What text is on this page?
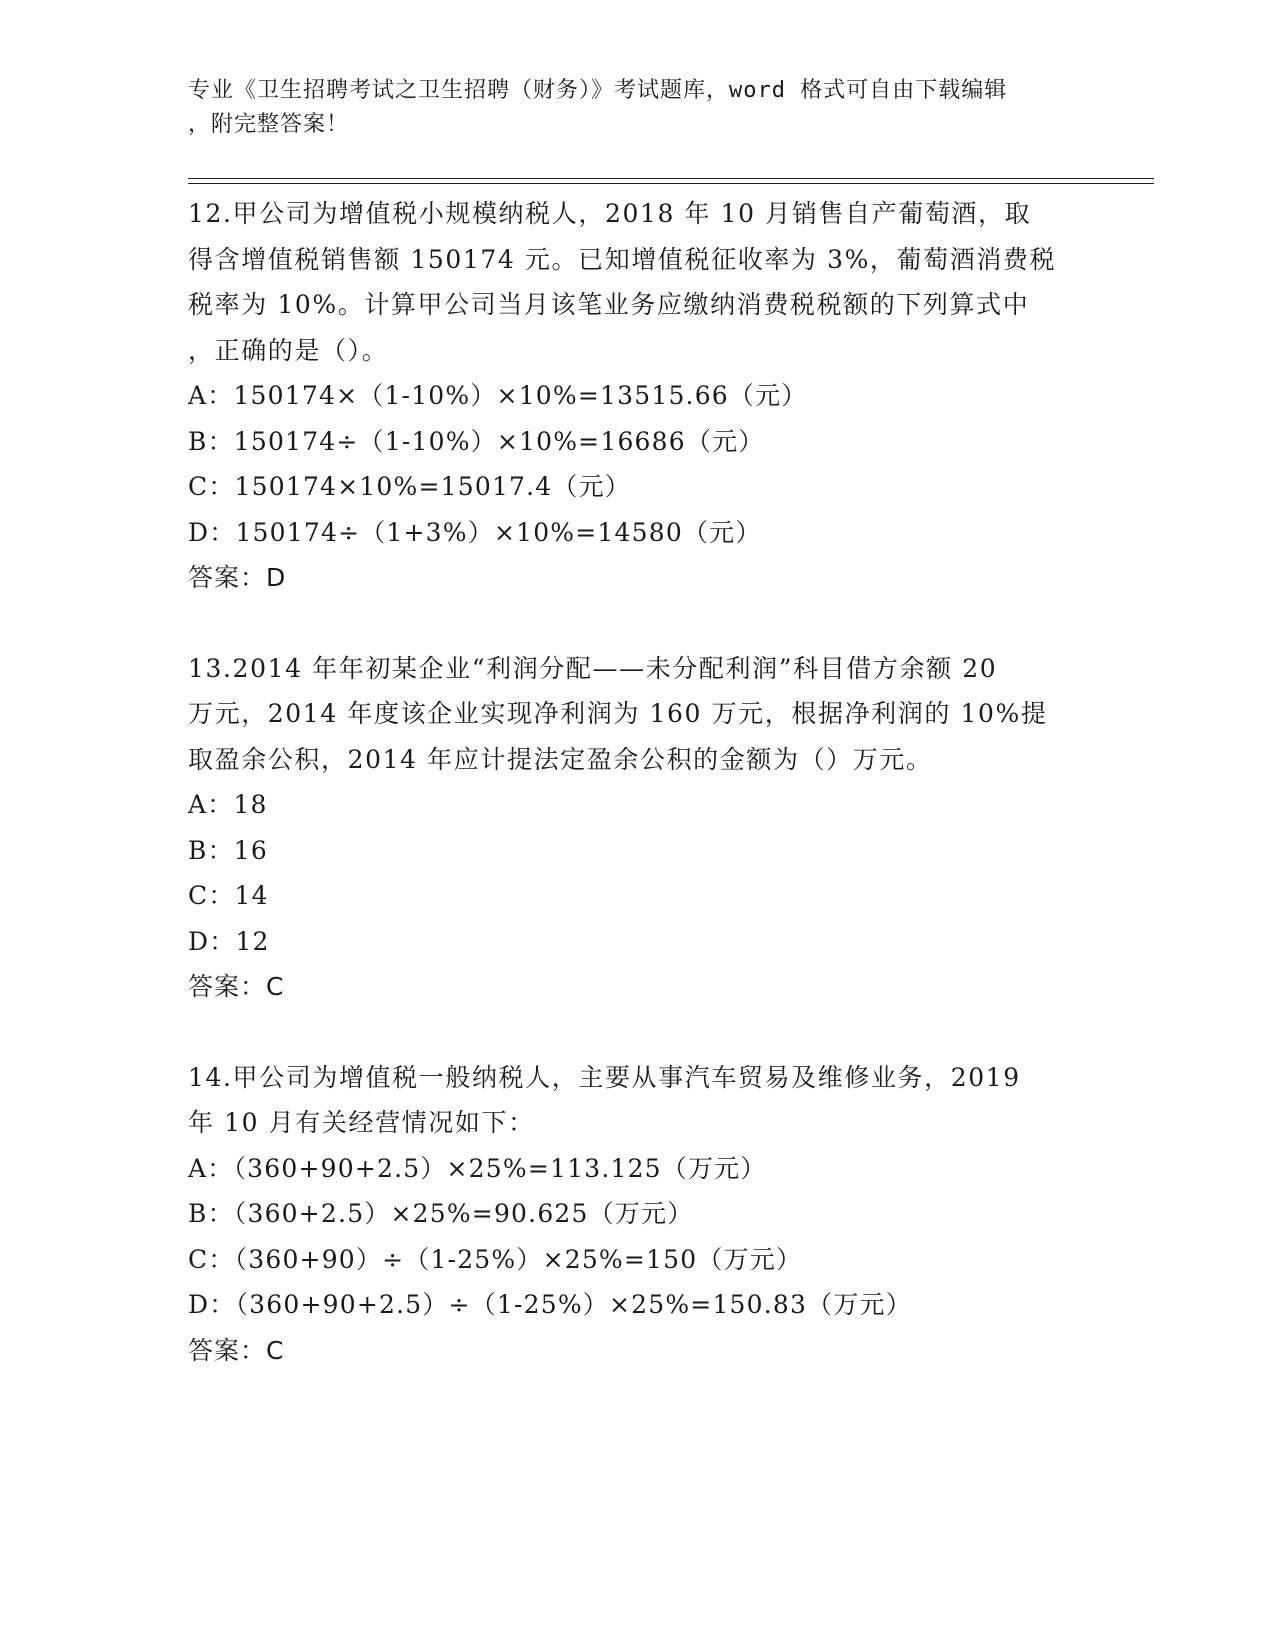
专业《卫生招聘考试之卫生招聘（财务）》考试题库，word 格式可自由下载编辑

，附完整答案！

12.甲公司为增值税小规模纳税人，2018 年 10 月销售自产葡萄酒，取
得含增值税销售额 150174 元。已知增值税征收率为 3%，葡萄酒消费税
税率为 10%。计算甲公司当月该笔业务应缴纳消费税税额的下列算式中
，正确的是（）。

A：150174×（1-10%）×10%=13515.66（元）
B：150174÷（1-10%）×10%=16686（元）
C：150174×10%=15017.4（元）
D：150174÷（1+3%）×10%=14580（元）
答案：D

13.2014 年年初某企业“利润分配——未分配利润”科目借方余额 20
万元，2014 年度该企业实现净利润为 160 万元，根据净利润的 10%提
取盈余公积，2014 年应计提法定盈余公积的金额为（）万元。

A：18
B：16
C：14
D：12
答案：C

14.甲公司为增值税一般纳税人，主要从事汽车贸易及维修业务，2019
年 10 月有关经营情况如下：

A：（360+90+2.5）×25%=113.125（万元）
B：（360+2.5）×25%=90.625（万元）
C：（360+90）÷（1-25%）×25%=150（万元）
D：（360+90+2.5）÷（1-25%）×25%=150.83（万元）
答案：C
